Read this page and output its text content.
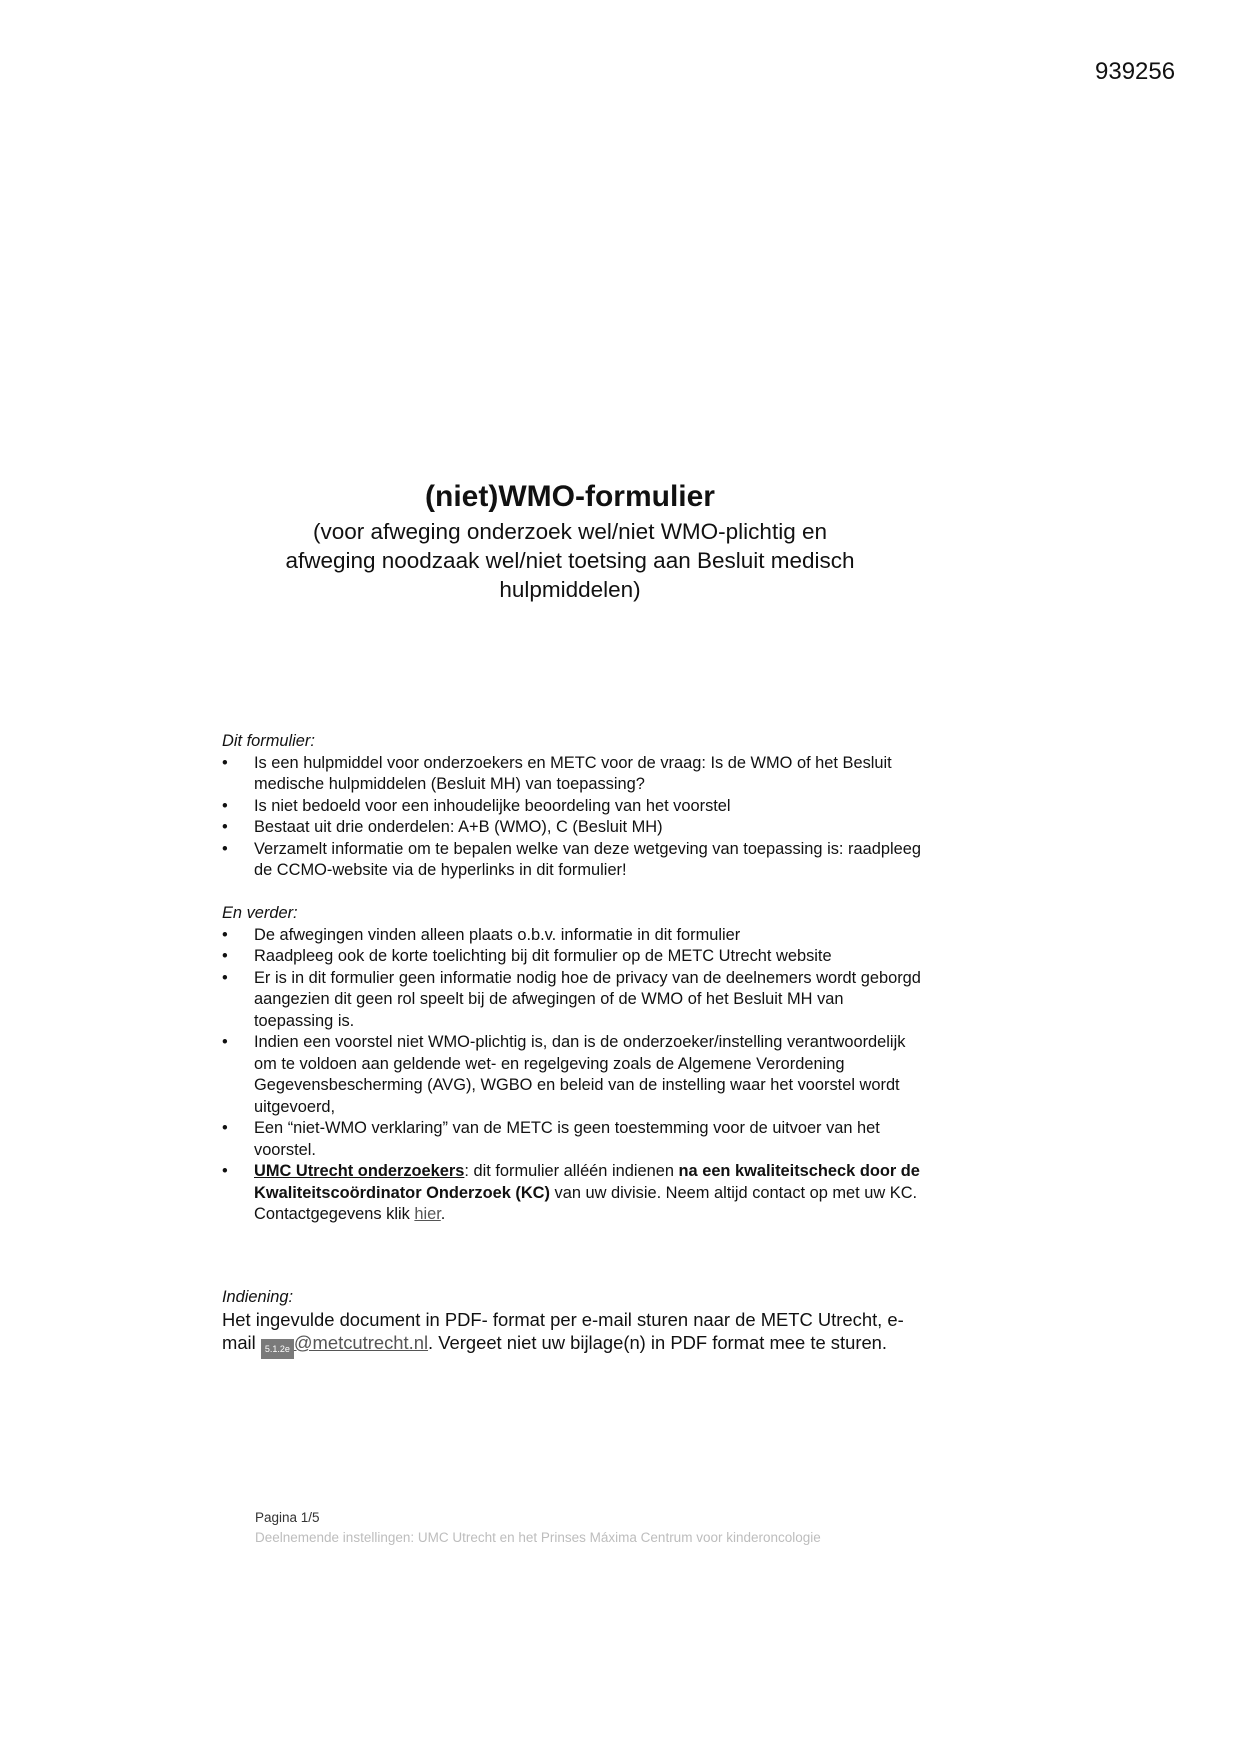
939256
(niet)WMO-formulier
(voor afweging onderzoek wel/niet WMO-plichtig en
afweging noodzaak wel/niet toetsing aan Besluit medisch
hulpmiddelen)
Dit formulier:
• Is een hulpmiddel voor onderzoekers en METC voor de vraag: Is de WMO of het Besluit medische hulpmiddelen (Besluit MH) van toepassing?
• Is niet bedoeld voor een inhoudelijke beoordeling van het voorstel
• Bestaat uit drie onderdelen: A+B (WMO), C (Besluit MH)
• Verzamelt informatie om te bepalen welke van deze wetgeving van toepassing is: raadpleeg de CCMO-website via de hyperlinks in dit formulier!
En verder:
• De afwegingen vinden alleen plaats o.b.v. informatie in dit formulier
• Raadpleeg ook de korte toelichting bij dit formulier op de METC Utrecht website
• Er is in dit formulier geen informatie nodig hoe de privacy van de deelnemers wordt geborgd aangezien dit geen rol speelt bij de afwegingen of de WMO of het Besluit MH van toepassing is.
• Indien een voorstel niet WMO-plichtig is, dan is de onderzoeker/instelling verantwoordelijk om te voldoen aan geldende wet- en regelgeving zoals de Algemene Verordening Gegevensbescherming (AVG), WGBO en beleid van de instelling waar het voorstel wordt uitgevoerd,
• Een “niet-WMO verklaring” van de METC is geen toestemming voor de uitvoer van het voorstel.
• UMC Utrecht onderzoekers: dit formulier alléén indienen na een kwaliteitscheck door de Kwaliteitscoördinator Onderzoek (KC) van uw divisie. Neem altijd contact op met uw KC. Contactgegevens klik hier.
Indiening:
Het ingevulde document in PDF- format per e-mail sturen naar de METC Utrecht, e-mail 5.1.2e @metcutrecht.nl. Vergeet niet uw bijlage(n) in PDF format mee te sturen.
Pagina 1/5
Deelnemende instellingen: UMC Utrecht en het Prinses Máxima Centrum voor kinderoncologie
